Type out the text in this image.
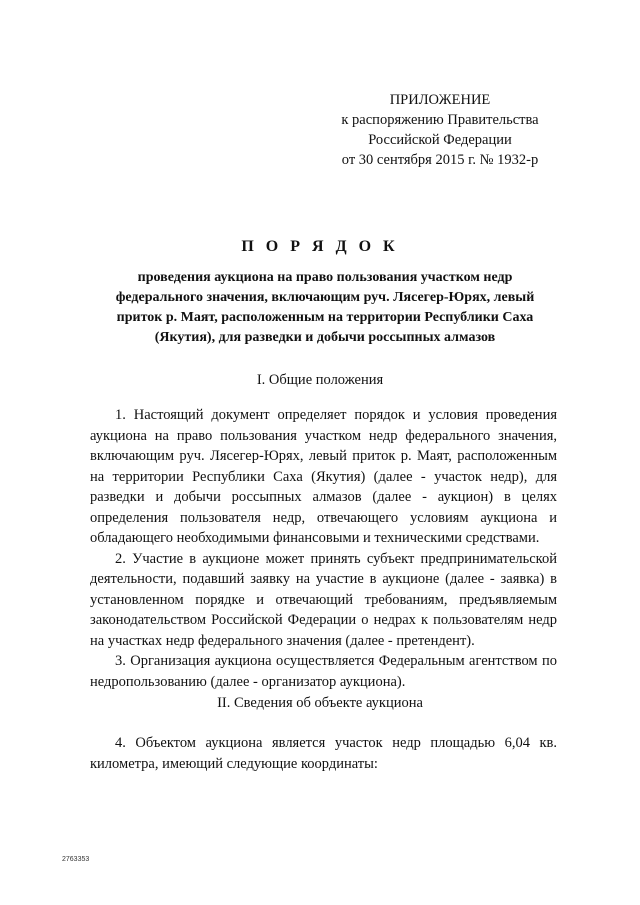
ПРИЛОЖЕНИЕ
к распоряжению Правительства
Российской Федерации
от 30 сентября 2015 г. № 1932-р
П О Р Я Д О К
проведения аукциона на право пользования участком недр федерального значения, включающим руч. Лясегер-Юрях, левый приток р. Маят, расположенным на территории Республики Саха (Якутия), для разведки и добычи россыпных алмазов
I. Общие положения

1. Настоящий документ определяет порядок и условия проведения аукциона на право пользования участком недр федерального значения, включающим руч. Лясегер-Юрях, левый приток р. Маят, расположенным на территории Республики Саха (Якутия) (далее - участок недр), для разведки и добычи россыпных алмазов (далее - аукцион) в целях определения пользователя недр, отвечающего условиям аукциона и обладающего необходимыми финансовыми и техническими средствами.

2. Участие в аукционе может принять субъект предпринимательской деятельности, подавший заявку на участие в аукционе (далее - заявка) в установленном порядке и отвечающий требованиям, предъявляемым законодательством Российской Федерации о недрах к пользователям недр на участках недр федерального значения (далее - претендент).

3. Организация аукциона осуществляется Федеральным агентством по недропользованию (далее - организатор аукциона).

II. Сведения об объекте аукциона

4. Объектом аукциона является участок недр площадью 6,04 кв. километра, имеющий следующие координаты:

2763353
